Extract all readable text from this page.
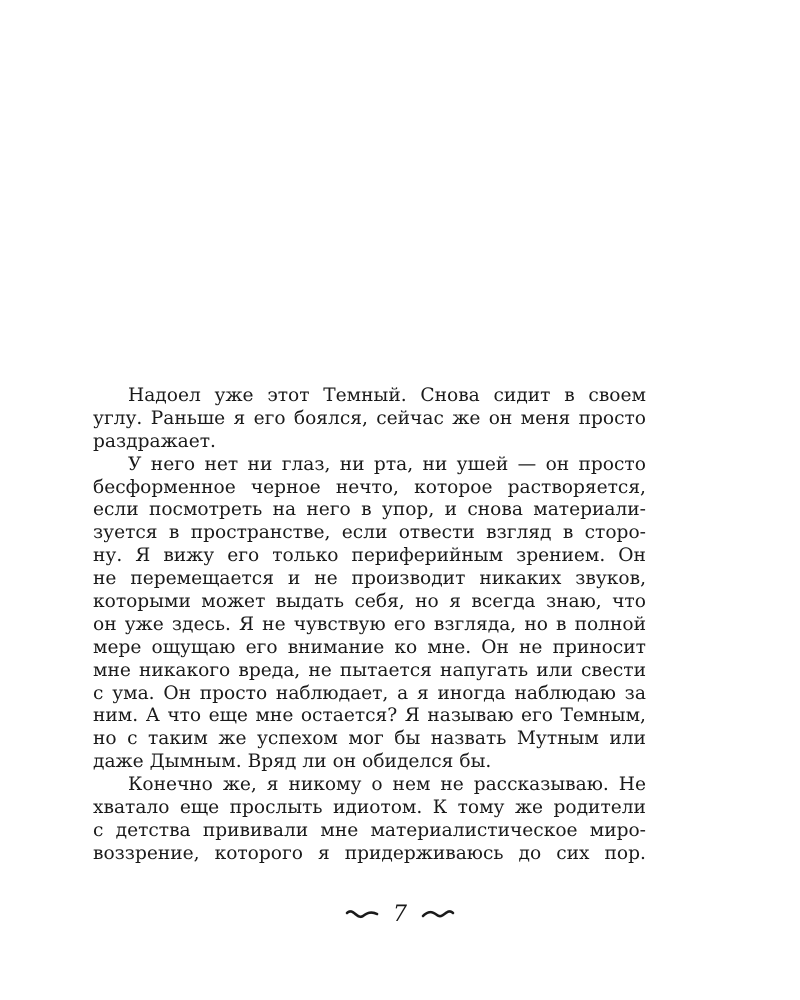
Надоел уже этот Темный. Снова сидит в своем
углу. Раньше я его боялся, сейчас же он меня просто
раздражает.
У него нет ни глаз, ни рта, ни ушей — он просто
бесформенное черное нечто, которое растворяется,
если посмотреть на него в упор, и снова материали-
зуется в пространстве, если отвести взгляд в сторо-
ну. Я вижу его только периферийным зрением. Он
не перемещается и не производит никаких звуков,
которыми может выдать себя, но я всегда знаю, что
он уже здесь. Я не чувствую его взгляда, но в полной
мере ощущаю его внимание ко мне. Он не приносит
мне никакого вреда, не пытается напугать или свести
с ума. Он просто наблюдает, а я иногда наблюдаю за
ним. А что еще мне остается? Я называю его Темным,
но с таким же успехом мог бы назвать Мутным или
даже Дымным. Вряд ли он обиделся бы.
Конечно же, я никому о нем не рассказываю. Не
хватало еще прослыть идиотом. К тому же родители
с детства прививали мне материалистическое миро-
воззрение, которого я придерживаюсь до сих пор.
7
